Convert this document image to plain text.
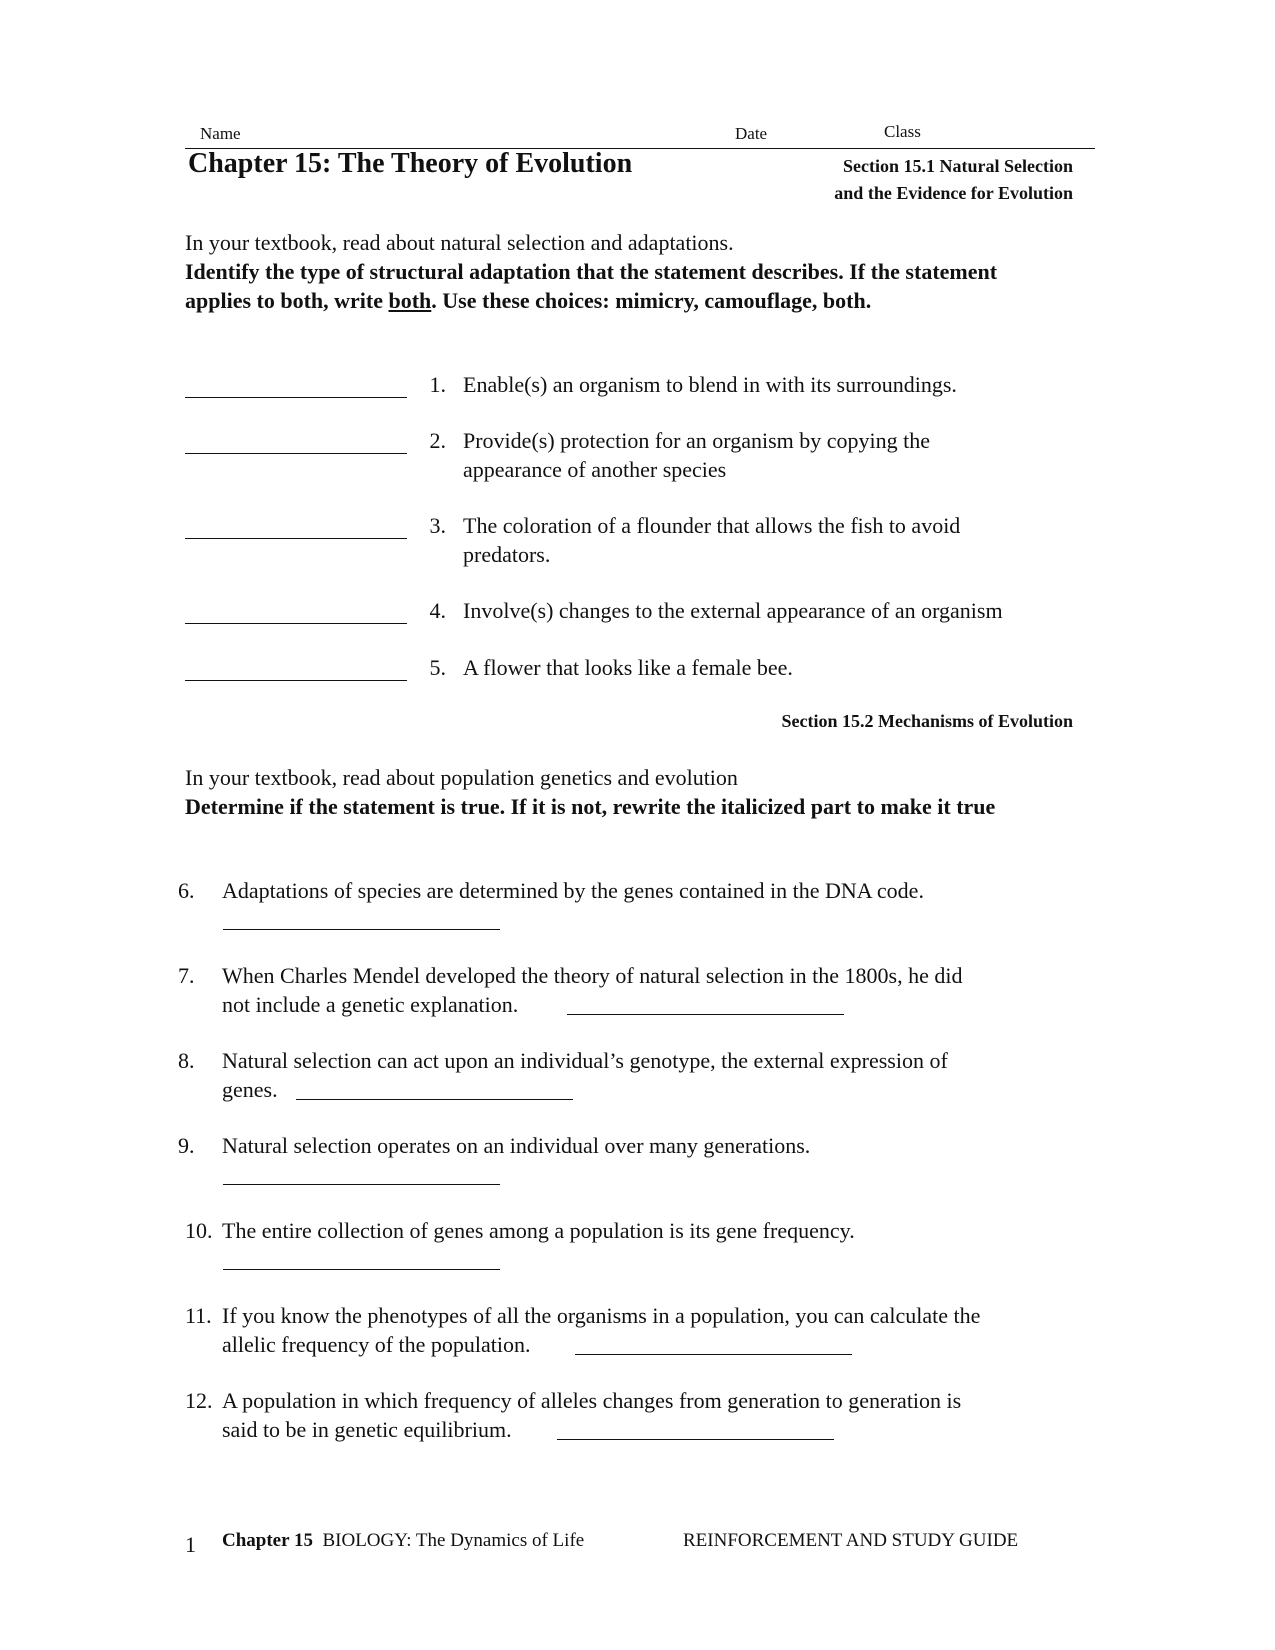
Name	Date	Class
Chapter 15: The Theory of Evolution	Section 15.1 Natural Selection
and the Evidence for Evolution
In your textbook, read about natural selection and adaptations.
Identify the type of structural adaptation that the statement describes. If the statement applies to both, write both. Use these choices: mimicry, camouflage, both.
1. Enable(s) an organism to blend in with its surroundings.
2. Provide(s) protection for an organism by copying the
appearance of another species
3. The coloration of a flounder that allows the fish to avoid
predators.
4. Involve(s) changes to the external appearance of an organism
5. A flower that looks like a female bee.
Section 15.2 Mechanisms of Evolution
In your textbook, read about population genetics and evolution
Determine if the statement is true. If it is not, rewrite the italicized part to make it true
6.	Adaptations of species are determined by the genes contained in the DNA code.
7.	When Charles Mendel developed the theory of natural selection in the 1800s, he did
not include a genetic explanation.
8.	Natural selection can act upon an individual’s genotype, the external expression of
genes.
9.	Natural selection operates on an individual over many generations.
10. The entire collection of genes among a population is its gene frequency.
11. If you know the phenotypes of all the organisms in a population, you can calculate the
allelic frequency of the population.
12. A population in which frequency of alleles changes from generation to generation is
said to be in genetic equilibrium.
1 Chapter 15 BIOLOGY: The Dynamics of Life	REINFORCEMENT AND STUDY GUIDE
